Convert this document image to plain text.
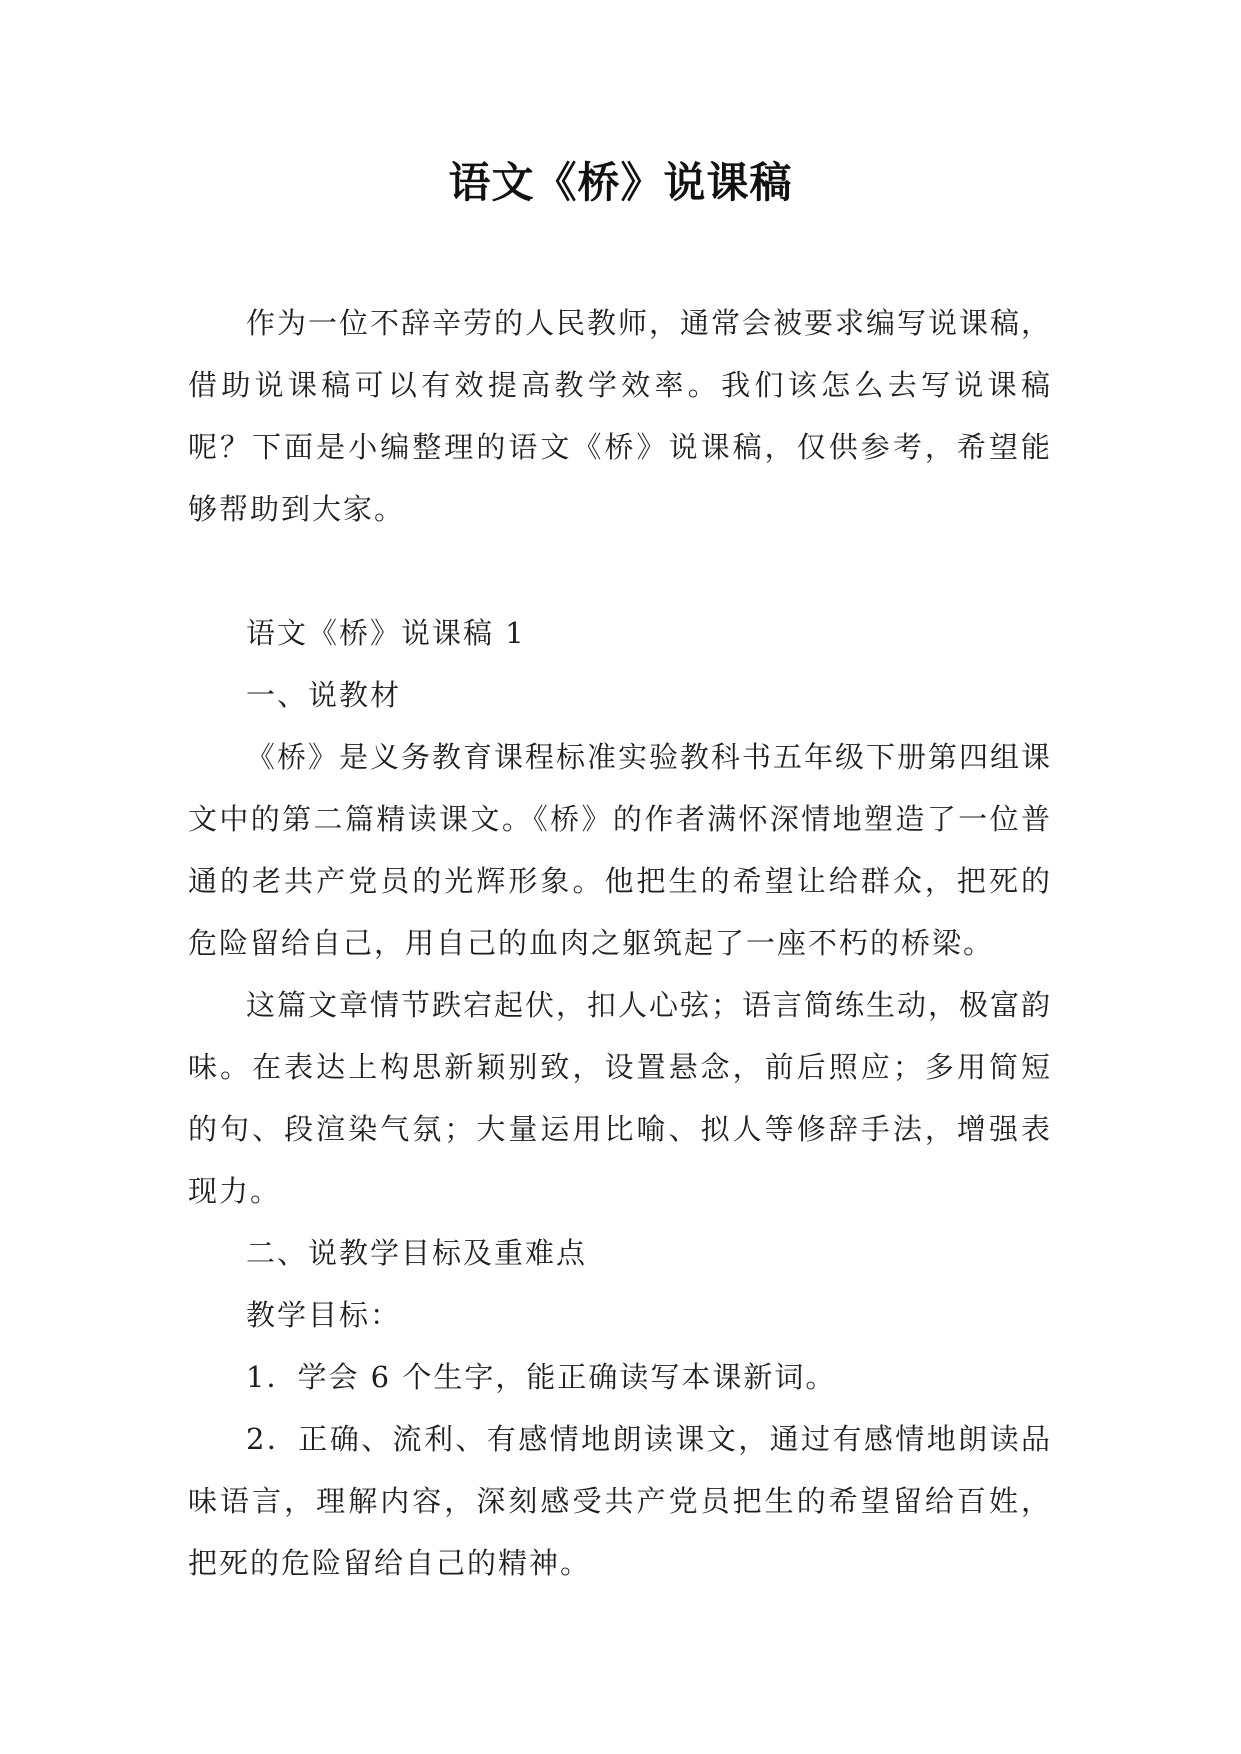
语文《桥》说课稿

作为一位不辞辛劳的人民教师，通常会被要求编写说课稿，借助说课稿可以有效提高教学效率。我们该怎么去写说课稿呢？下面是小编整理的语文《桥》说课稿，仅供参考，希望能够帮助到大家。

语文《桥》说课稿 1

一、说教材

《桥》是义务教育课程标准实验教科书五年级下册第四组课文中的第二篇精读课文。《桥》的作者满怀深情地塑造了一位普通的老共产党员的光辉形象。他把生的希望让给群众，把死的危险留给自己，用自己的血肉之躯筑起了一座不朽的桥梁。

这篇文章情节跌宕起伏，扣人心弦；语言简练生动，极富韵味。在表达上构思新颖别致，设置悬念，前后照应；多用简短的句、段渲染气氛；大量运用比喻、拟人等修辞手法，增强表现力。

二、说教学目标及重难点

教学目标：

1．学会 6 个生字，能正确读写本课新词。

2．正确、流利、有感情地朗读课文，通过有感情地朗读品味语言，理解内容，深刻感受共产党员把生的希望留给百姓，把死的危险留给自己的精神。
